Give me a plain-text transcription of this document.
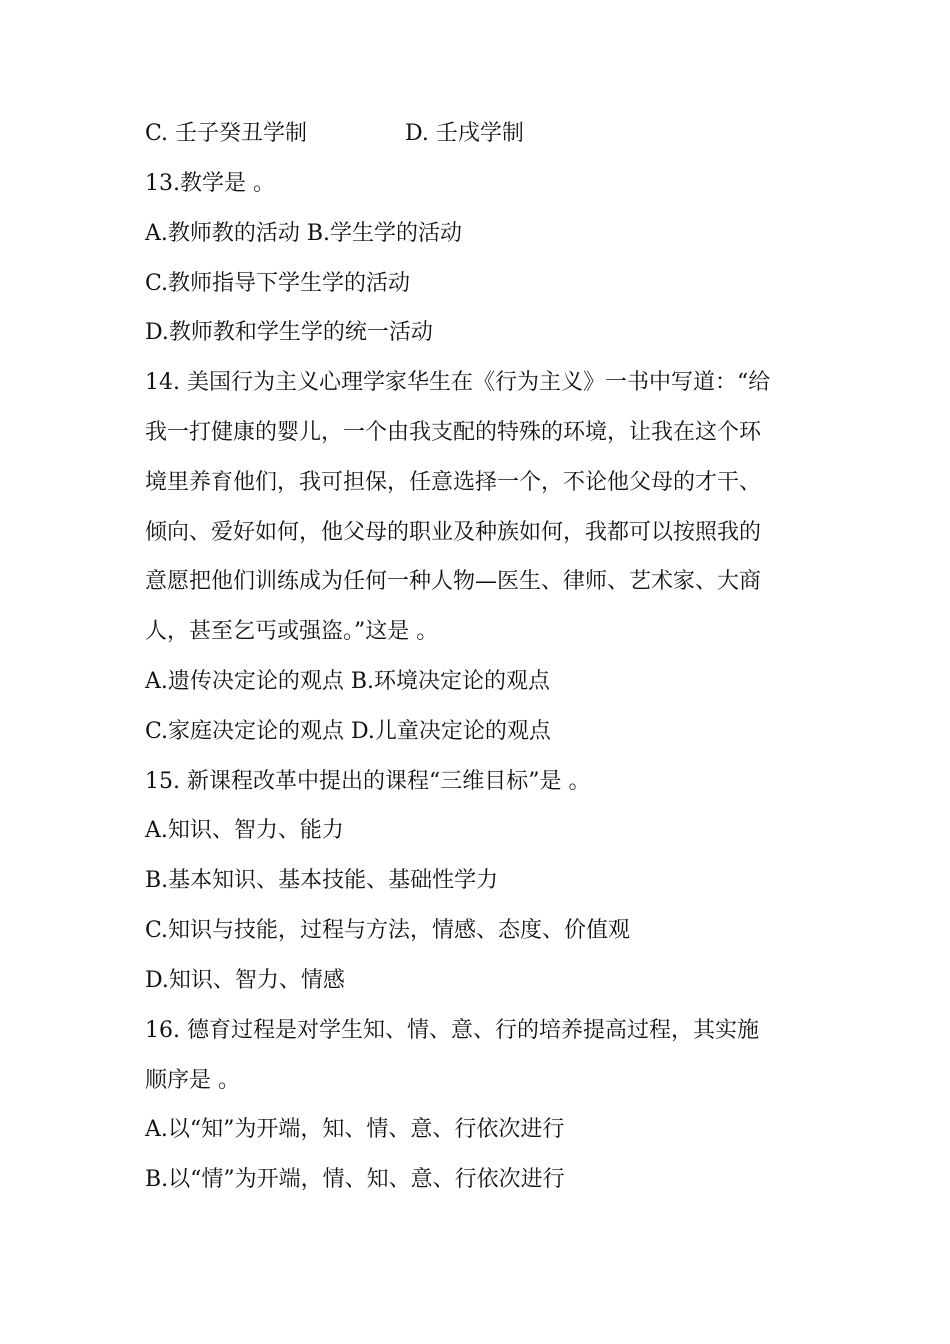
C. 壬子癸丑学制	D. 壬戌学制
13.教学是 。
A.教师教的活动 B.学生学的活动
C.教师指导下学生学的活动
D.教师教和学生学的统一活动
14. 美国行为主义心理学家华生在《行为主义》一书中写道：“给
我一打健康的婴儿，一个由我支配的特殊的环境，让我在这个环
境里养育他们，我可担保，任意选择一个，不论他父母的才干、
倾向、爱好如何，他父母的职业及种族如何，我都可以按照我的
意愿把他们训练成为任何一种人物—医生、律师、艺术家、大商
人，甚至乞丐或强盗。”这是 。
A.遗传决定论的观点 B.环境决定论的观点
C.家庭决定论的观点 D.儿童决定论的观点
15. 新课程改革中提出的课程“三维目标”是 。
A.知识、智力、能力
B.基本知识、基本技能、基础性学力
C.知识与技能，过程与方法，情感、态度、价值观
D.知识、智力、情感
16. 德育过程是对学生知、情、意、行的培养提高过程，其实施
顺序是 。
A.以“知”为开端，知、情、意、行依次进行
B.以“情”为开端，情、知、意、行依次进行
